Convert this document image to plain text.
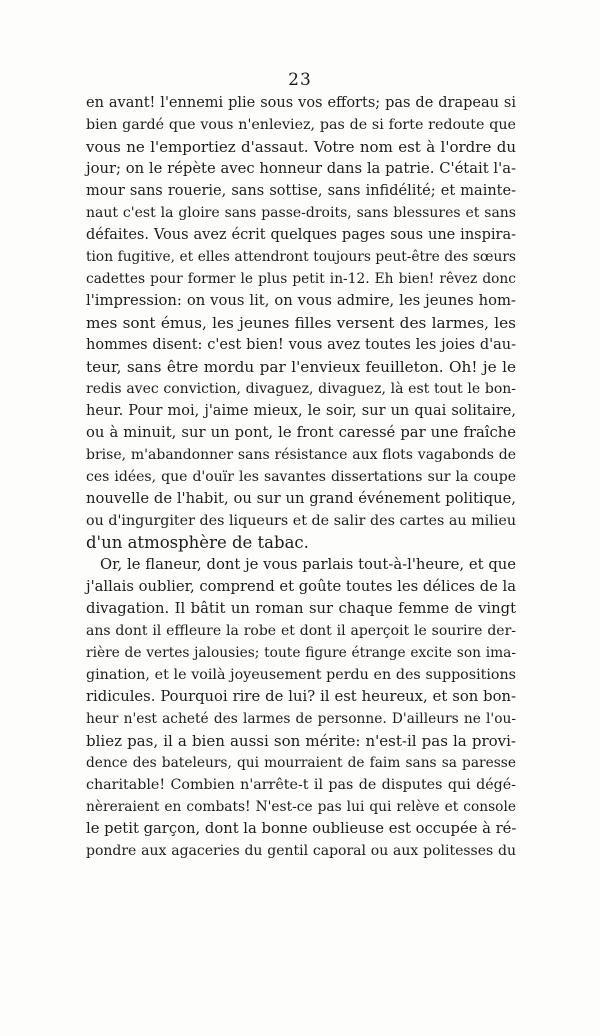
23
en avant! l'ennemi plie sous vos efforts; pas de drapeau si
bien gardé que vous n'enleviez, pas de si forte redoute que
vous ne l'emportiez d'assaut. Votre nom est à l'ordre du
jour; on le répète avec honneur dans la patrie. C'était l'a-
mour sans rouerie, sans sottise, sans infidélité; et mainte-
naut c'est la gloire sans passe-droits, sans blessures et sans
défaites. Vous avez écrit quelques pages sous une inspira-
tion fugitive, et elles attendront toujours peut-être des sœurs
cadettes pour former le plus petit in-12. Eh bien! rêvez donc
l'impression: on vous lit, on vous admire, les jeunes hom-
mes sont émus, les jeunes filles versent des larmes, les
hommes disent: c'est bien! vous avez toutes les joies d'au-
teur, sans être mordu par l'envieux feuilleton. Oh! je le
redis avec conviction, divaguez, divaguez, là est tout le bon-
heur. Pour moi, j'aime mieux, le soir, sur un quai solitaire,
ou à minuit, sur un pont, le front caressé par une fraîche
brise, m'abandonner sans résistance aux flots vagabonds de
ces idées, que d'ouïr les savantes dissertations sur la coupe
nouvelle de l'habit, ou sur un grand événement politique,
ou d'ingurgiter des liqueurs et de salir des cartes au milieu
d'un atmosphère de tabac.
Or, le flaneur, dont je vous parlais tout-à-l'heure, et que
j'allais oublier, comprend et goûte toutes les délices de la
divagation. Il bâtit un roman sur chaque femme de vingt
ans dont il effleure la robe et dont il aperçoit le sourire der-
rière de vertes jalousies; toute figure étrange excite son ima-
gination, et le voilà joyeusement perdu en des suppositions
ridicules. Pourquoi rire de lui? il est heureux, et son bon-
heur n'est acheté des larmes de personne. D'ailleurs ne l'ou-
bliez pas, il a bien aussi son mérite: n'est-il pas la provi-
dence des bateleurs, qui mourraient de faim sans sa paresse
charitable! Combien n'arrête-t il pas de disputes qui dégé-
nèreraient en combats! N'est-ce pas lui qui relève et console
le petit garçon, dont la bonne oublieuse est occupée à ré-
pondre aux agaceries du gentil caporal ou aux politesses du
